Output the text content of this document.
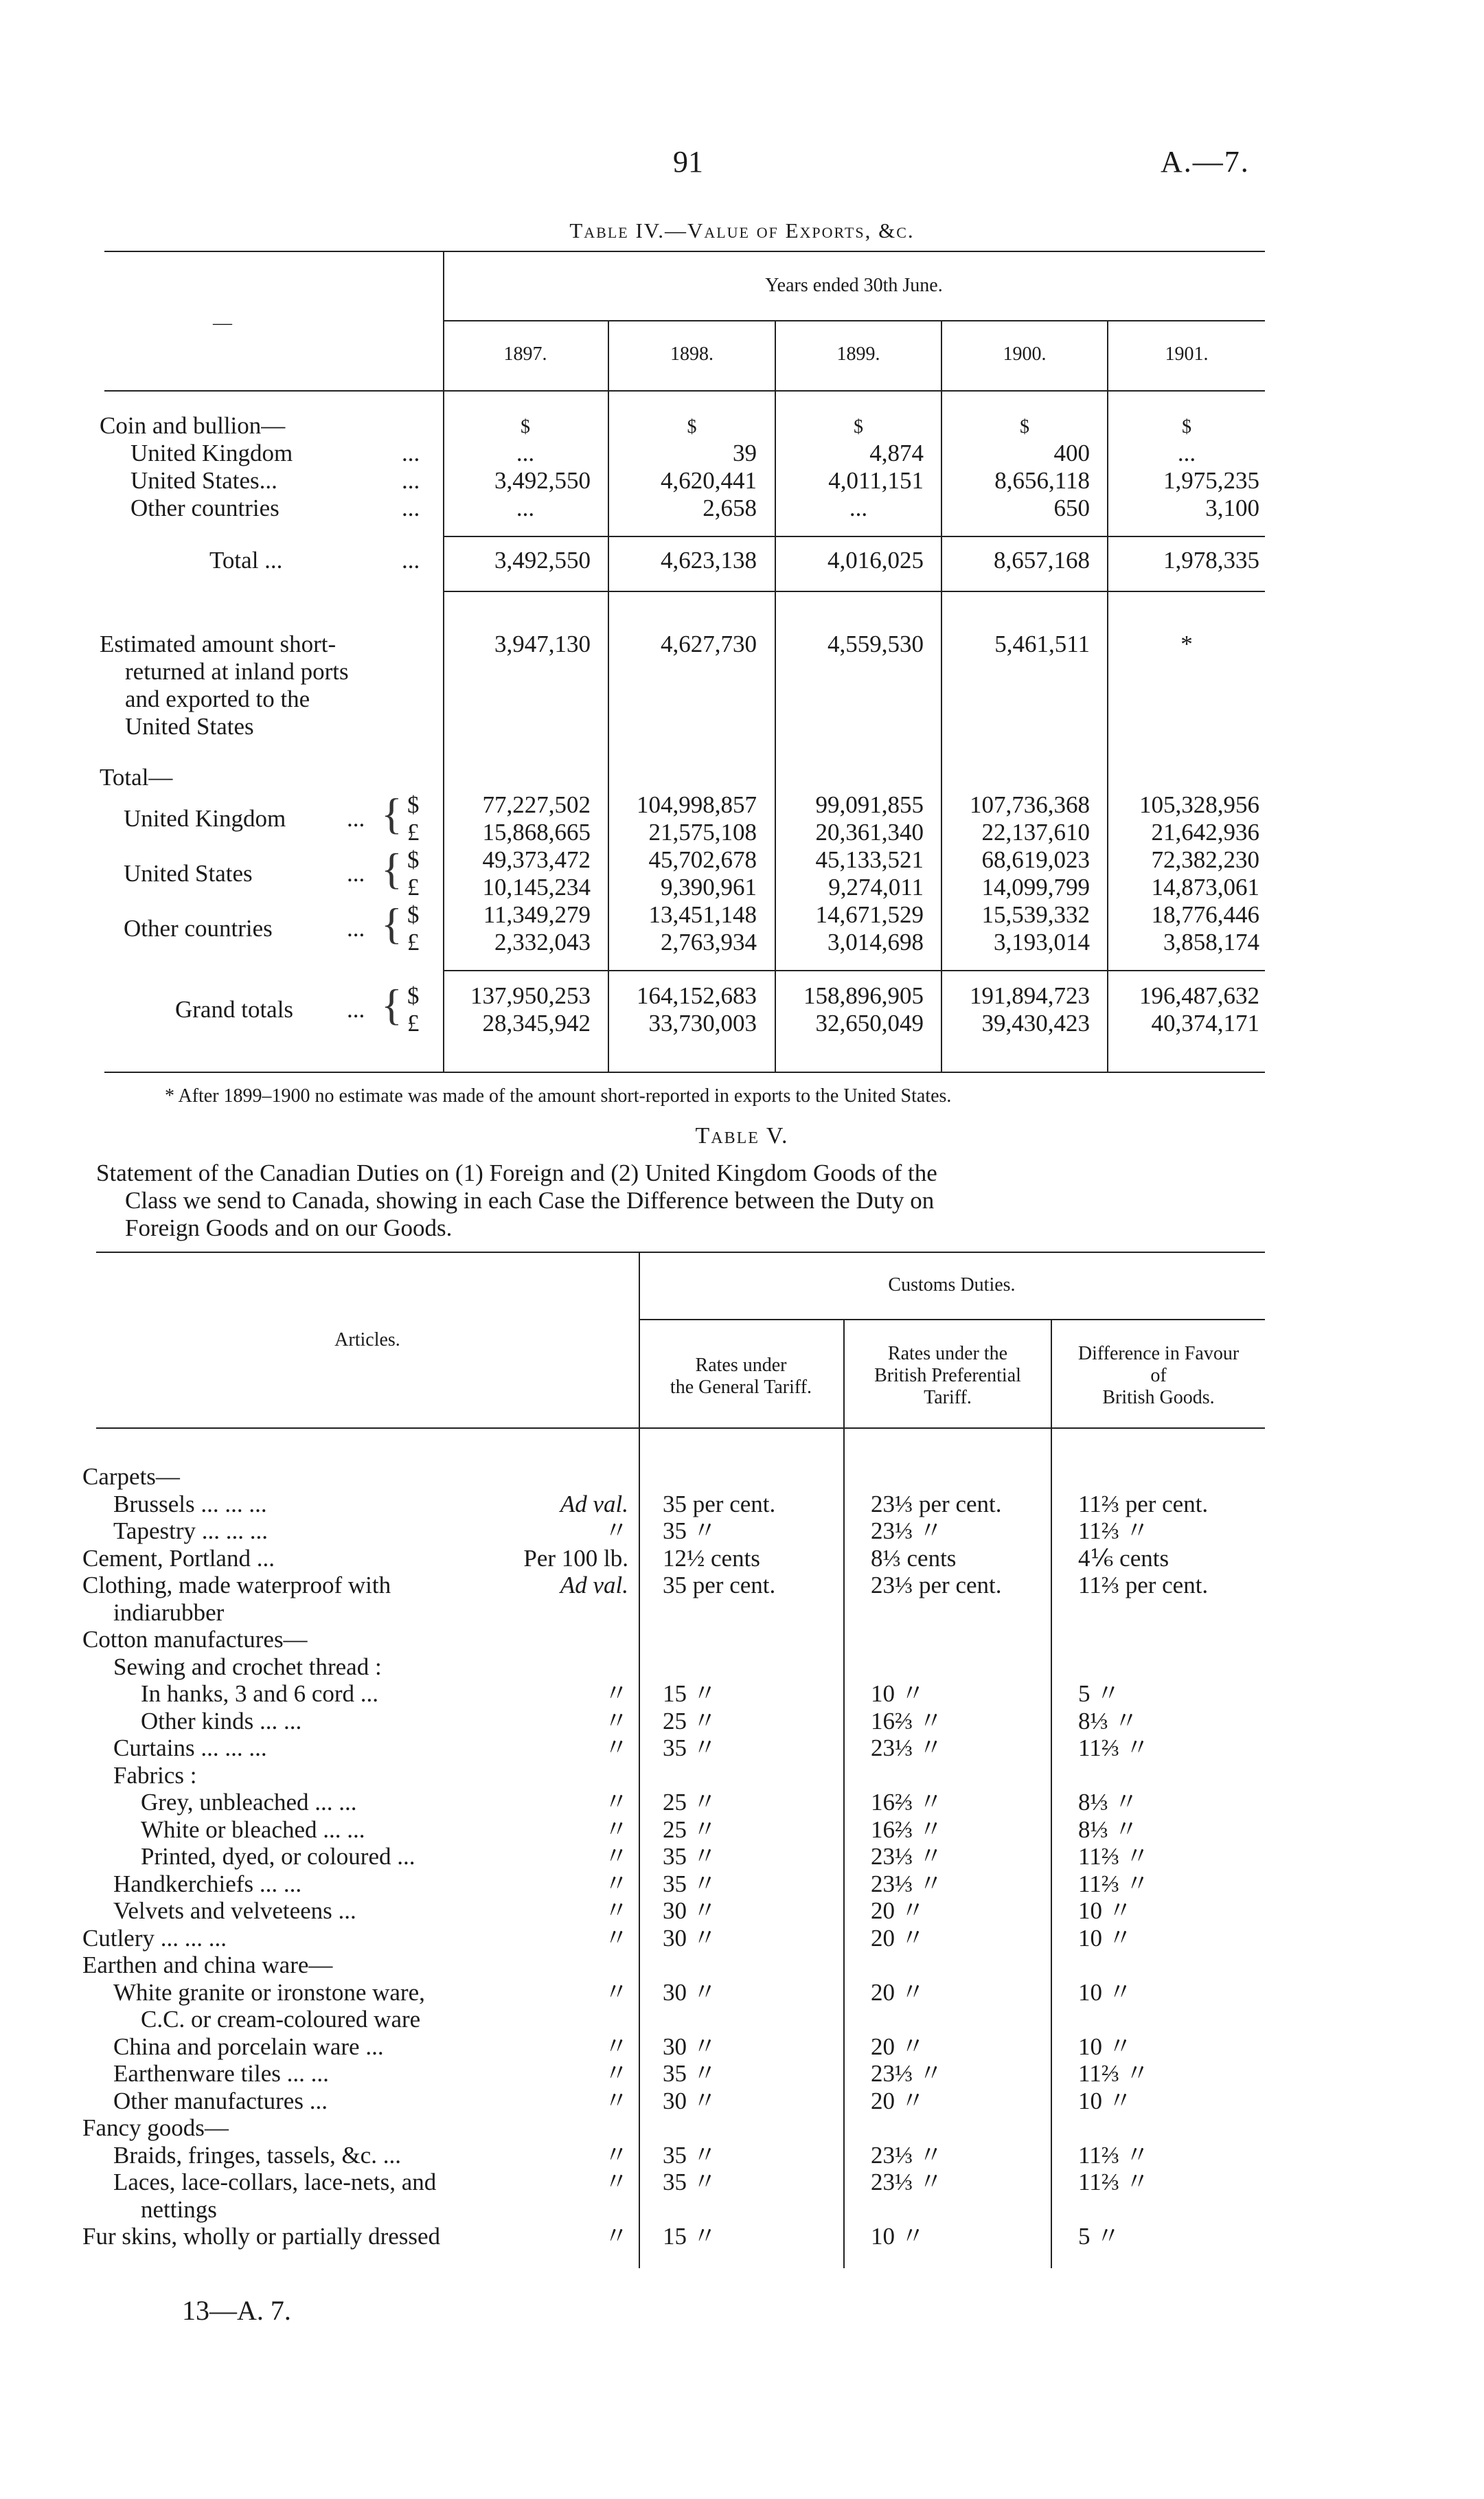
91	A.—7.
Table IV.—Value of Exports, &c.
—
Years ended 30th June.
1897.	1898.	1899.	1900.	1901.
Coin and bullion—	$	$	$	$	$
United Kingdom	...	...	39	4,874	400	...
United States...	...	3,492,550	4,620,441	4,011,151	8,656,118	1,975,235
Other countries	...	...	2,658	...	650	3,100
Total ...	...	3,492,550	4,623,138	4,016,025	8,657,168	1,978,335
Estimated amount short-
returned at inland ports
and exported to the
United States
3,947,130	4,627,730	4,559,530	5,461,511	*
Total—
United Kingdom	... { $
£
77,227,502	104,998,857	99,091,855	107,736,368	105,328,956
15,868,665	21,575,108	20,361,340	22,137,610	21,642,936
United States	... { $
£
49,373,472	45,702,678	45,133,521	68,619,023	72,382,230
10,145,234	9,390,961	9,274,011	14,099,799	14,873,061
Other countries	... { $
£
11,349,279	13,451,148	14,671,529	15,539,332	18,776,446
2,332,043	2,763,934	3,014,698	3,193,014	3,858,174
Grand totals ... { $
£
137,950,253	164,152,683	158,896,905	191,894,723	196,487,632
28,345,942	33,730,003	32,650,049	39,430,423	40,374,171
* After 1899–1900 no estimate was made of the amount short-reported in exports to the United States.
Table V.
Statement of the Canadian Duties on (1) Foreign and (2) United Kingdom Goods of the
Class we send to Canada, showing in each Case the Difference between the Duty on
Foreign Goods and on our Goods.
Articles.
Customs Duties.
Rates under
the General Tariff.
Rates under the
British Preferential
Tariff.
Difference in Favour
of
British Goods.
Carpets—
Brussels ... ... ...	Ad val. 35 per cent.	23⅓ per cent.	11⅔ per cent.
Tapestry ... ... ...	〃 35 〃	23⅓ 〃	11⅔ 〃
Cement, Portland ...	Per 100 lb. 12½ cents	8⅓ cents	4⅙ cents
Clothing, made waterproof with	Ad val. 35 per cent.	23⅓ per cent.	11⅔ per cent.
indiarubber
Cotton manufactures—
Sewing and crochet thread :
In hanks, 3 and 6 cord ...	〃 15 〃	10 〃	5 〃
Other kinds ... ...	〃 25 〃	16⅔ 〃	8⅓ 〃
Curtains ... ... ...	〃 35 〃	23⅓ 〃	11⅔ 〃
Fabrics :
Grey, unbleached ... ...	〃 25 〃	16⅔ 〃	8⅓ 〃
White or bleached ... ...	〃 25 〃	16⅔ 〃	8⅓ 〃
Printed, dyed, or coloured ...	〃 35 〃	23⅓ 〃	11⅔ 〃
Handkerchiefs ... ...	〃 35 〃	23⅓ 〃	11⅔ 〃
Velvets and velveteens ...	〃 30 〃	20 〃	10 〃
Cutlery ... ... ...	〃 30 〃	20 〃	10 〃
Earthen and china ware—
White granite or ironstone ware,	〃 30 〃	20 〃	10 〃
C.C. or cream-coloured ware
China and porcelain ware ...	〃 30 〃	20 〃	10 〃
Earthenware tiles ... ...	〃 35 〃	23⅓ 〃	11⅔ 〃
Other manufactures ...	〃 30 〃	20 〃	10 〃
Fancy goods—
Braids, fringes, tassels, &c. ...	〃 35 〃	23⅓ 〃	11⅔ 〃
Laces, lace-collars, lace-nets, and	〃 35 〃	23⅓ 〃	11⅔ 〃
nettings
Fur skins, wholly or partially dressed	〃 15 〃	10 〃	5 〃
13—A. 7.
